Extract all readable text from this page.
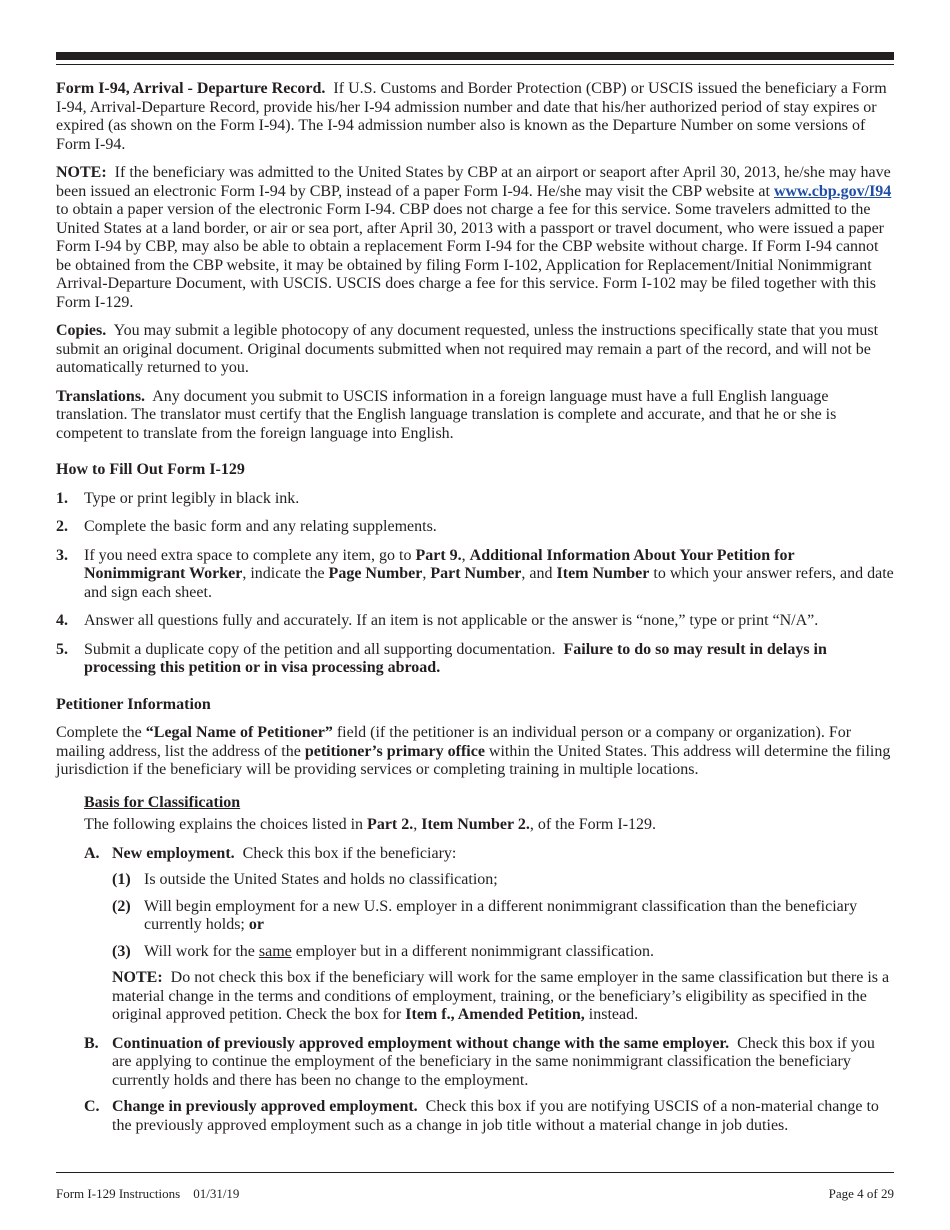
Form I-94, Arrival - Departure Record. If U.S. Customs and Border Protection (CBP) or USCIS issued the beneficiary a Form I-94, Arrival-Departure Record, provide his/her I-94 admission number and date that his/her authorized period of stay expires or expired (as shown on the Form I-94). The I-94 admission number also is known as the Departure Number on some versions of Form I-94.

NOTE: If the beneficiary was admitted to the United States by CBP at an airport or seaport after April 30, 2013, he/she may have been issued an electronic Form I-94 by CBP, instead of a paper Form I-94. He/she may visit the CBP website at www.cbp.gov/I94 to obtain a paper version of the electronic Form I-94. CBP does not charge a fee for this service. Some travelers admitted to the United States at a land border, or air or sea port, after April 30, 2013 with a passport or travel document, who were issued a paper Form I-94 by CBP, may also be able to obtain a replacement Form I-94 for the CBP website without charge. If Form I-94 cannot be obtained from the CBP website, it may be obtained by filing Form I-102, Application for Replacement/Initial Nonimmigrant Arrival-Departure Document, with USCIS. USCIS does charge a fee for this service. Form I-102 may be filed together with this Form I-129.

Copies. You may submit a legible photocopy of any document requested, unless the instructions specifically state that you must submit an original document. Original documents submitted when not required may remain a part of the record, and will not be automatically returned to you.

Translations. Any document you submit to USCIS information in a foreign language must have a full English language translation. The translator must certify that the English language translation is complete and accurate, and that he or she is competent to translate from the foreign language into English.

How to Fill Out Form I-129
1.	Type or print legibly in black ink.
2.	Complete the basic form and any relating supplements.
3.	If you need extra space to complete any item, go to Part 9., Additional Information About Your Petition for Nonimmigrant Worker, indicate the Page Number, Part Number, and Item Number to which your answer refers, and date and sign each sheet.
4.	Answer all questions fully and accurately. If an item is not applicable or the answer is “none,” type or print “N/A”.
5.	Submit a duplicate copy of the petition and all supporting documentation. Failure to do so may result in delays in processing this petition or in visa processing abroad.
Petitioner Information

Complete the “Legal Name of Petitioner” field (if the petitioner is an individual person or a company or organization). For mailing address, list the address of the petitioner’s primary office within the United States. This address will determine the filing jurisdiction if the beneficiary will be providing services or completing training in multiple locations.

Basis for Classification

The following explains the choices listed in Part 2., Item Number 2., of the Form I-129.

A. New employment. Check this box if the beneficiary:
(1) Is outside the United States and holds no classification;
(2) Will begin employment for a new U.S. employer in a different nonimmigrant classification than the beneficiary currently holds; or
(3) Will work for the same employer but in a different nonimmigrant classification.

NOTE: Do not check this box if the beneficiary will work for the same employer in the same classification but there is a material change in the terms and conditions of employment, training, or the beneficiary’s eligibility as specified in the original approved petition. Check the box for Item f., Amended Petition, instead.

B. Continuation of previously approved employment without change with the same employer. Check this box if you are applying to continue the employment of the beneficiary in the same nonimmigrant classification the beneficiary currently holds and there has been no change to the employment.
C. Change in previously approved employment. Check this box if you are notifying USCIS of a non-material change to the previously approved employment such as a change in job title without a material change in job duties.
Form I-129 Instructions    01/31/19	Page 4 of 29
